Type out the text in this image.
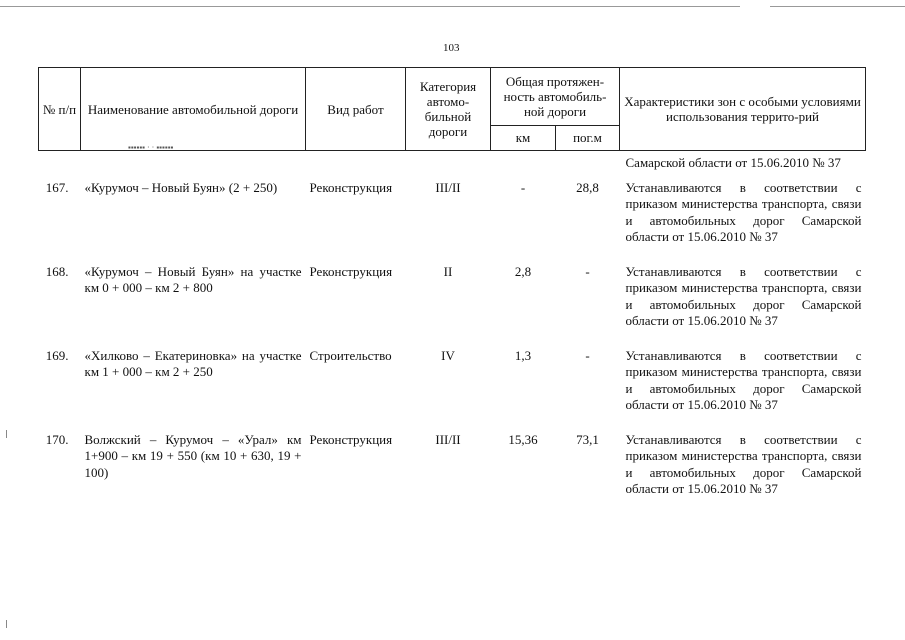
▪▪▪▪▪▪ · · ▪▪▪▪▪▪
103
№ п/п	Наименование автомобильной дороги	Вид работ	Категория автомо-бильной дороги	Общая протяжен-ность автомобиль-ной дороги		Характеристики зон с особыми условиями использования террито-рий
				км	пог.м	
						Самарской области от 15.06.2010 № 37
167.	«Курумоч – Новый Буян» (2 + 250)	Реконструкция	III/II	-	28,8	Устанавливаются в соответствии с приказом министерства транспорта, связи и автомобильных дорог Самарской области от 15.06.2010 № 37
168.	«Курумоч – Новый Буян» на участке км 0 + 000 – км 2 + 800	Реконструкция	II	2,8	-	Устанавливаются в соответствии с приказом министерства транспорта, связи и автомобильных дорог Самарской области от 15.06.2010 № 37
169.	«Хилково – Екатериновка» на участке км 1 + 000 – км 2 + 250	Строительство	IV	1,3	-	Устанавливаются в соответствии с приказом министерства транспорта, связи и автомобильных дорог Самарской области от 15.06.2010 № 37
170.	Волжский – Курумоч – «Урал» км 1+900 – км 19 + 550 (км 10 + 630, 19 + 100)	Реконструкция	III/II	15,36	73,1	Устанавливаются в соответствии с приказом министерства транспорта, связи и автомобильных дорог Самарской области от 15.06.2010 № 37
